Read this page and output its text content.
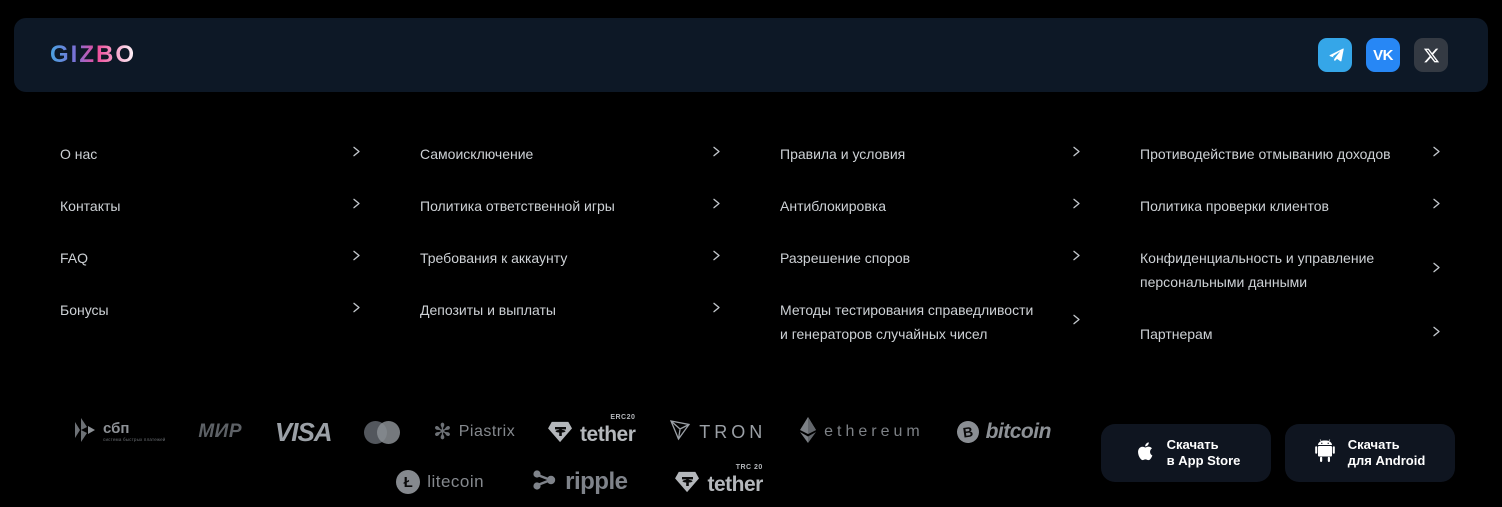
GIZBO	VK
О нас
Контакты
FAQ
Бонусы
Самоисключение
Политика ответственной игры
Требования к аккаунту
Депозиты и выплаты
Правила и условия
Антиблокировка
Разрешение споров
Методы тестирования справедливости
и генераторов случайных чисел
Противодействие отмыванию доходов
Политика проверки клиентов
Конфиденциальность и управление
персональными данными
Партнерам
сбп
система быстрых платежей МИР VISA	✻ Piastrix	tether
ERC20
TRON	ethereum	B bitcoin
Ł litecoin	ripple	tether
TRC 20
Скачать
в App Store
Скачать
для Android
